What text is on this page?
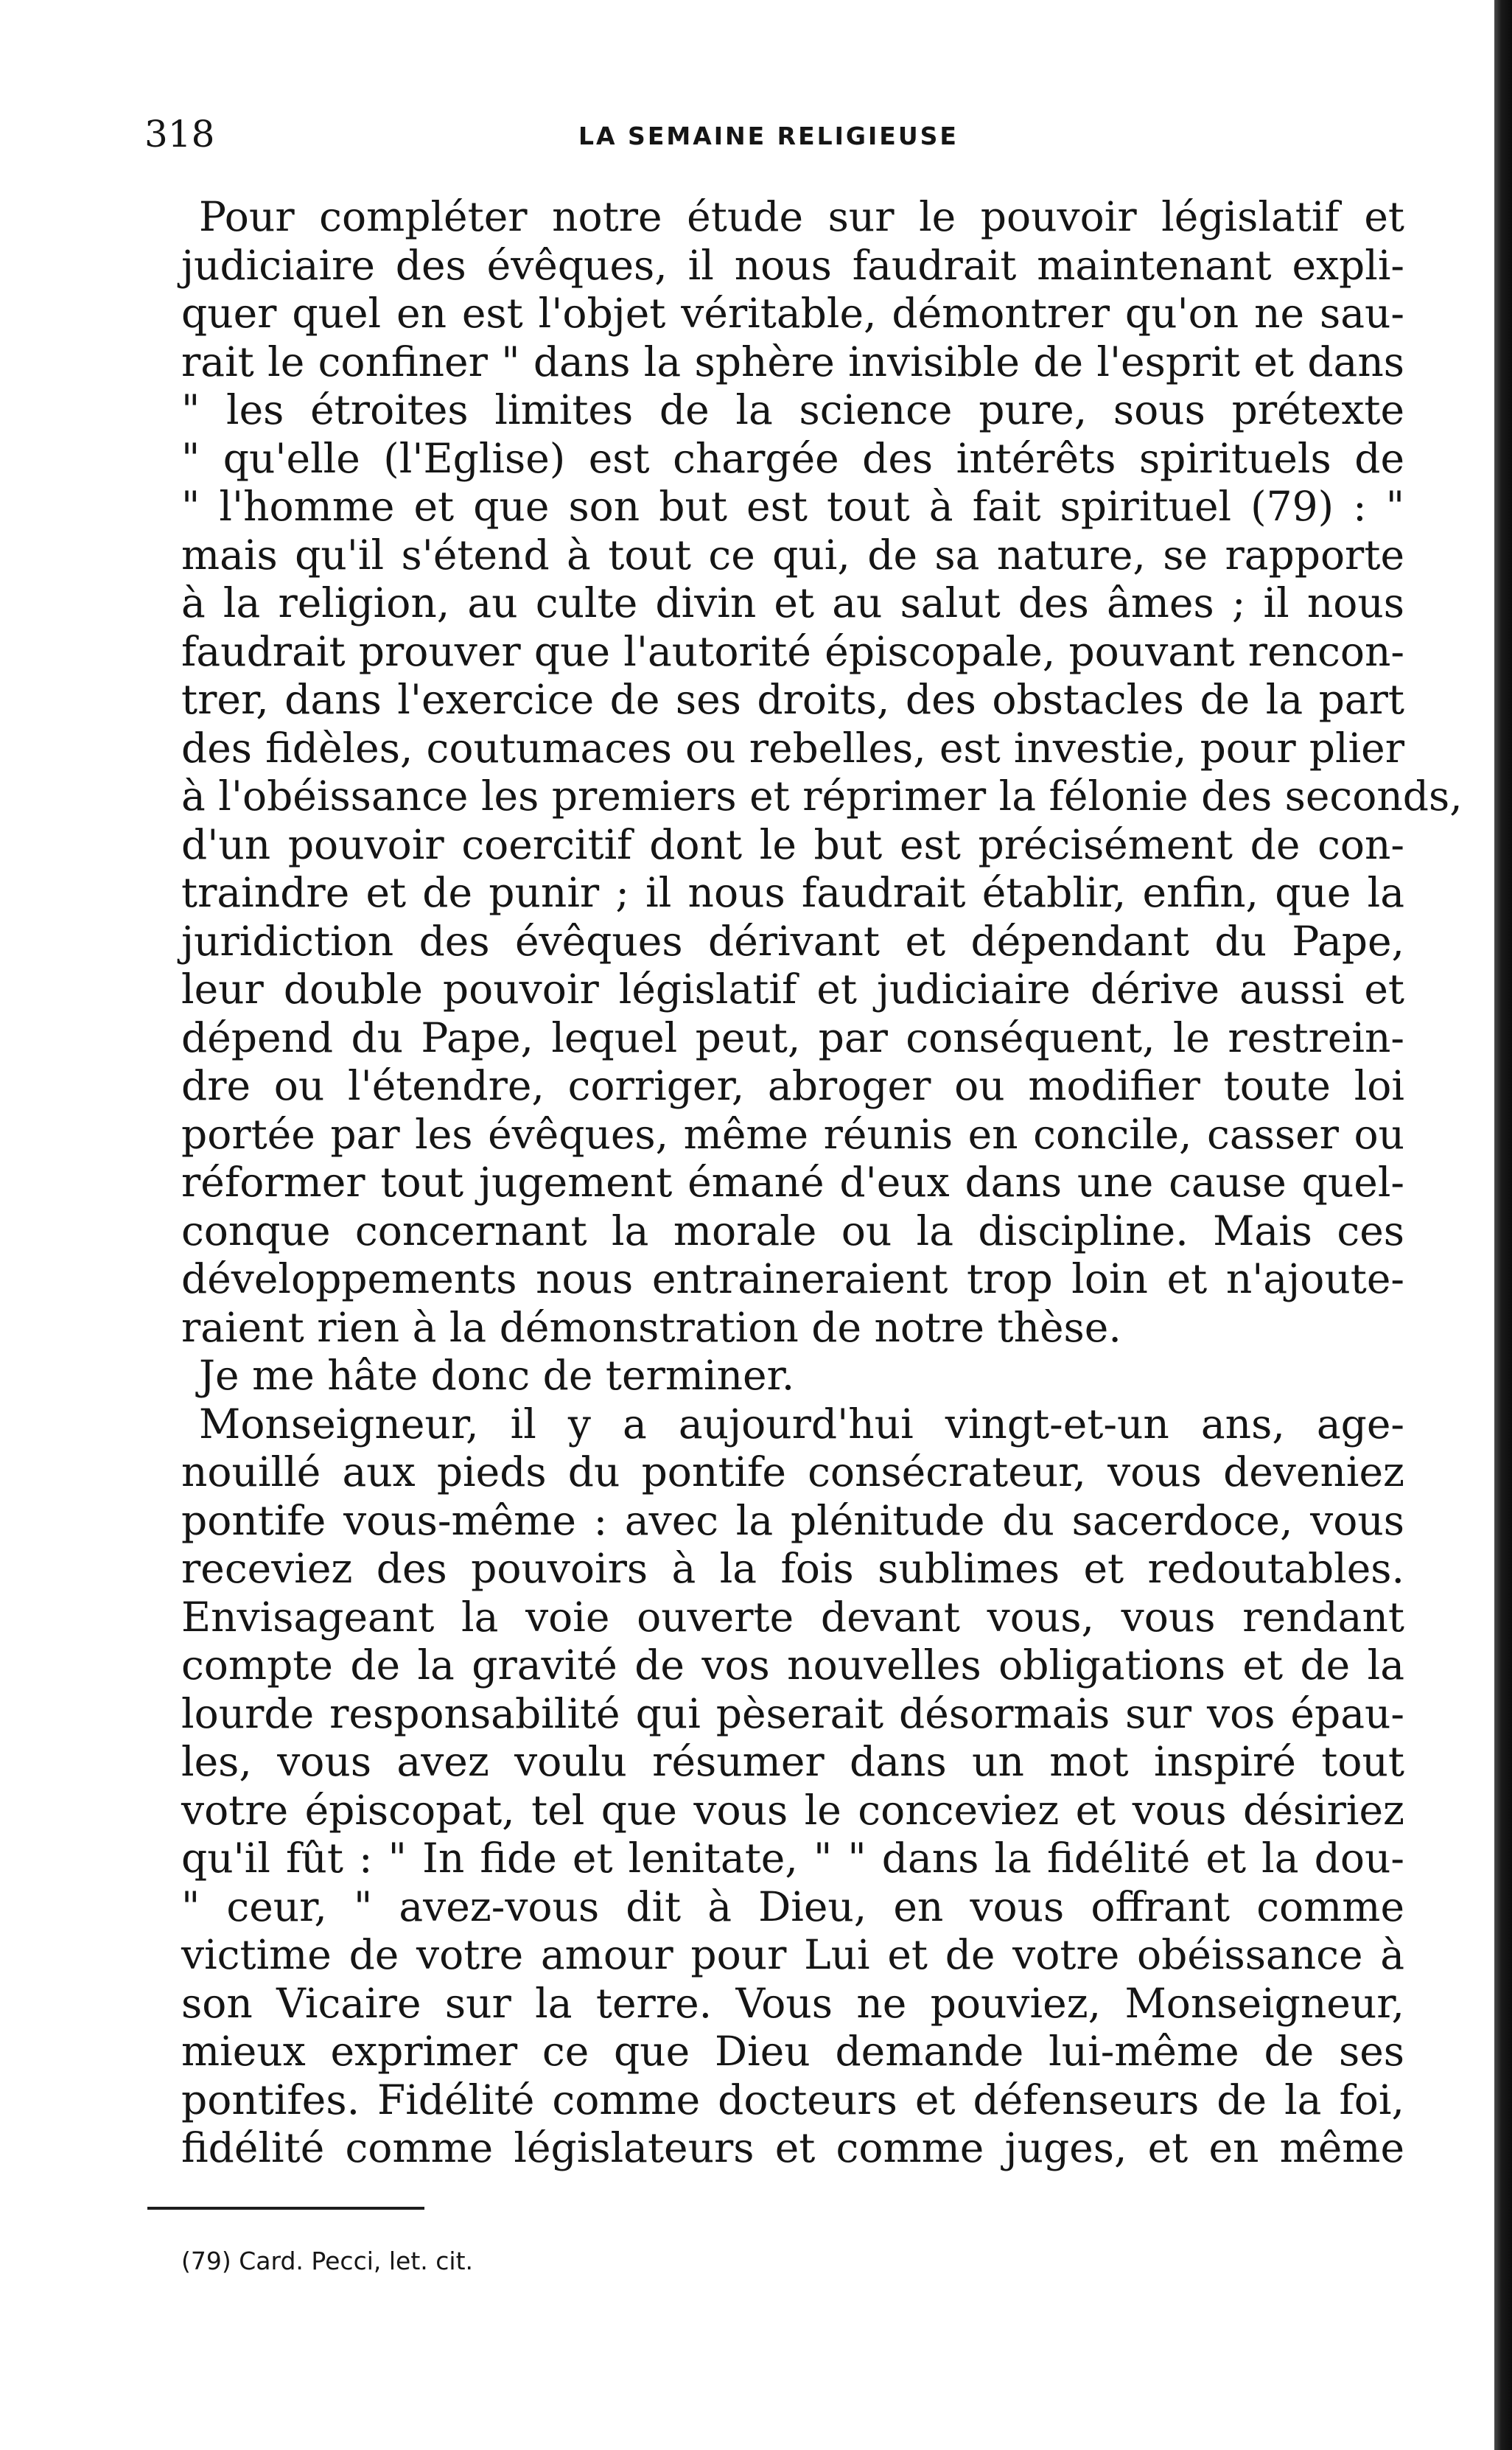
318	LA SEMAINE RELIGIEUSE
Pour compléter notre étude sur le pouvoir législatif et
judiciaire des évêques, il nous faudrait maintenant expli-
quer quel en est l'objet véritable, démontrer qu'on ne sau-
rait le confiner " dans la sphère invisible de l'esprit et dans
" les étroites limites de la science pure, sous prétexte
" qu'elle (l'Eglise) est chargée des intérêts spirituels de
" l'homme et que son but est tout à fait spirituel (79) : "
mais qu'il s'étend à tout ce qui, de sa nature, se rapporte
à la religion, au culte divin et au salut des âmes ; il nous
faudrait prouver que l'autorité épiscopale, pouvant rencon-
trer, dans l'exercice de ses droits, des obstacles de la part
des fidèles, coutumaces ou rebelles, est investie, pour plier
à l'obéissance les premiers et réprimer la félonie des seconds,
d'un pouvoir coercitif dont le but est précisément de con-
traindre et de punir ; il nous faudrait établir, enfin, que la
juridiction des évêques dérivant et dépendant du Pape,
leur double pouvoir législatif et judiciaire dérive aussi et
dépend du Pape, lequel peut, par conséquent, le restrein-
dre ou l'étendre, corriger, abroger ou modifier toute loi
portée par les évêques, même réunis en concile, casser ou
réformer tout jugement émané d'eux dans une cause quel-
conque concernant la morale ou la discipline. Mais ces
développements nous entraineraient trop loin et n'ajoute-
raient rien à la démonstration de notre thèse.
Je me hâte donc de terminer.
Monseigneur, il y a aujourd'hui vingt-et-un ans, age-
nouillé aux pieds du pontife consécrateur, vous deveniez
pontife vous-même : avec la plénitude du sacerdoce, vous
receviez des pouvoirs à la fois sublimes et redoutables.
Envisageant la voie ouverte devant vous, vous rendant
compte de la gravité de vos nouvelles obligations et de la
lourde responsabilité qui pèserait désormais sur vos épau-
les, vous avez voulu résumer dans un mot inspiré tout
votre épiscopat, tel que vous le conceviez et vous désiriez
qu'il fût : " In fide et lenitate, " " dans la fidélité et la dou-
" ceur, " avez-vous dit à Dieu, en vous offrant comme
victime de votre amour pour Lui et de votre obéissance à
son Vicaire sur la terre. Vous ne pouviez, Monseigneur,
mieux exprimer ce que Dieu demande lui-même de ses
pontifes. Fidélité comme docteurs et défenseurs de la foi,
fidélité comme législateurs et comme juges, et en même
(79) Card. Pecci, let. cit.
